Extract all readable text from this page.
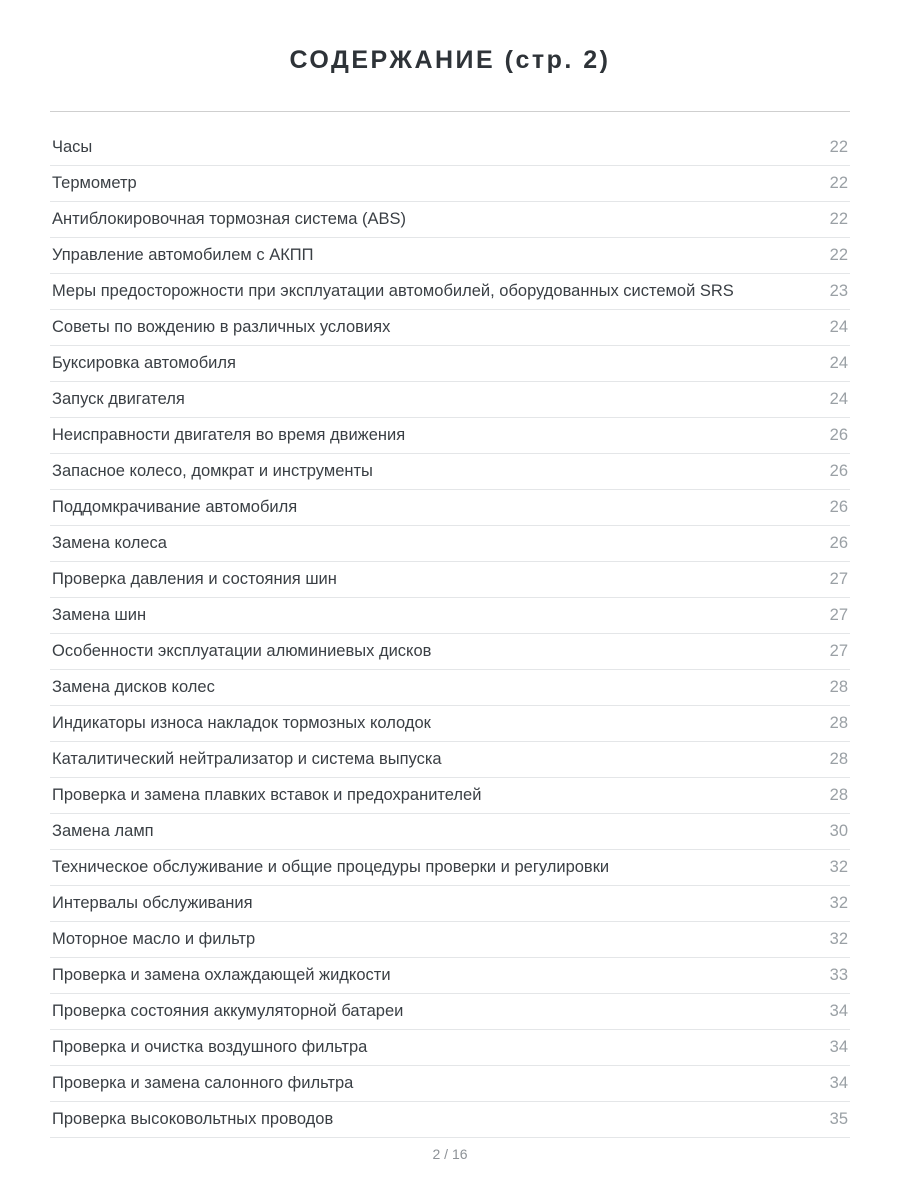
СОДЕРЖАНИЕ (стр. 2)
Часы	22
Термометр	22
Антиблокировочная тормозная система (ABS)	22
Управление автомобилем с АКПП	22
Меры предосторожности при эксплуатации автомобилей, оборудованных системой SRS	23
Советы по вождению в различных условиях	24
Буксировка автомобиля	24
Запуск двигателя	24
Неисправности двигателя во время движения	26
Запасное колесо, домкрат и инструменты	26
Поддомкрачивание автомобиля	26
Замена колеса	26
Проверка давления и состояния шин	27
Замена шин	27
Особенности эксплуатации алюминиевых дисков	27
Замена дисков колес	28
Индикаторы износа накладок тормозных колодок	28
Каталитический нейтрализатор и система выпуска	28
Проверка и замена плавких вставок и предохранителей	28
Замена ламп	30
Техническое обслуживание и общие процедуры проверки и регулировки	32
Интервалы обслуживания	32
Моторное масло и фильтр	32
Проверка и замена охлаждающей жидкости	33
Проверка состояния аккумуляторной батареи	34
Проверка и очистка воздушного фильтра	34
Проверка и замена салонного фильтра	34
Проверка высоковольтных проводов	35
2 / 16
